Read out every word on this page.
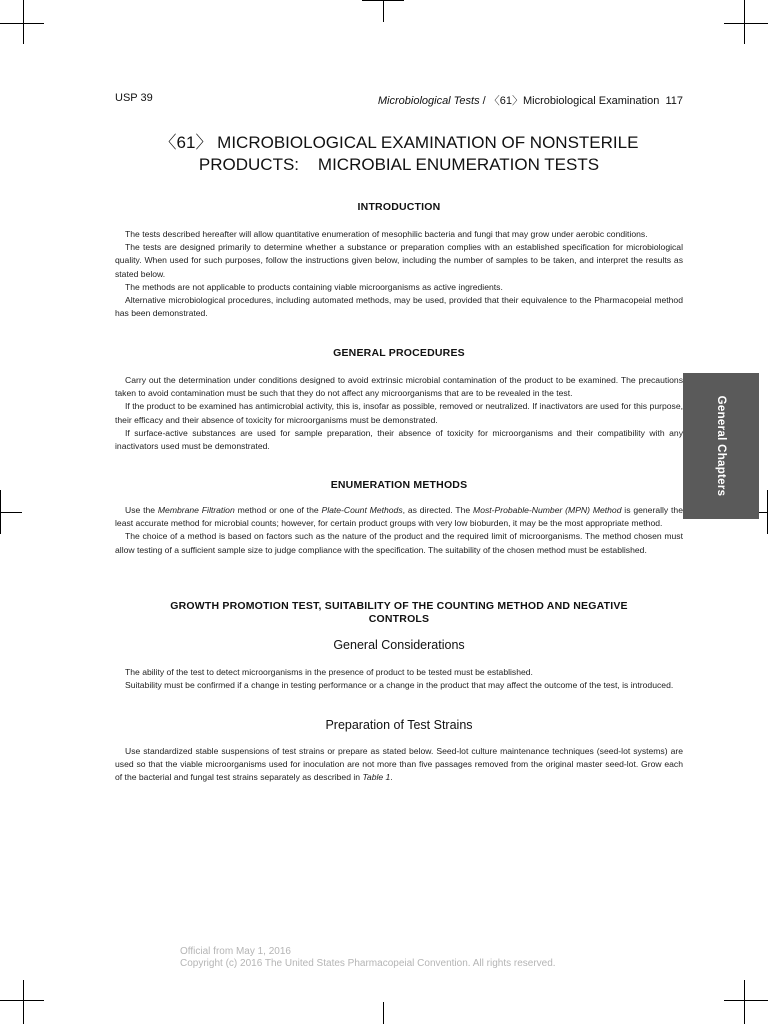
USP 39	Microbiological Tests / 〈61〉Microbiological Examination 117
〈61〉 MICROBIOLOGICAL EXAMINATION OF NONSTERILE
PRODUCTS:    MICROBIAL ENUMERATION TESTS
INTRODUCTION

The tests described hereafter will allow quantitative enumeration of mesophilic bacteria and fungi that may grow under aerobic conditions.

The tests are designed primarily to determine whether a substance or preparation complies with an established specification for microbiological quality. When used for such purposes, follow the instructions given below, including the number of samples to be taken, and interpret the results as stated below.

The methods are not applicable to products containing viable microorganisms as active ingredients.

Alternative microbiological procedures, including automated methods, may be used, provided that their equivalence to the Pharmacopeial method has been demonstrated.

GENERAL PROCEDURES

Carry out the determination under conditions designed to avoid extrinsic microbial contamination of the product to be examined. The precautions taken to avoid contamination must be such that they do not affect any microorganisms that are to be revealed in the test.

If the product to be examined has antimicrobial activity, this is, insofar as possible, removed or neutralized. If inactivators are used for this purpose, their efficacy and their absence of toxicity for microorganisms must be demonstrated.

If surface-active substances are used for sample preparation, their absence of toxicity for microorganisms and their compatibility with any inactivators used must be demonstrated.

ENUMERATION METHODS

Use the Membrane Filtration method or one of the Plate-Count Methods, as directed. The Most-Probable-Number (MPN) Method is generally the least accurate method for microbial counts; however, for certain product groups with very low bioburden, it may be the most appropriate method.

The choice of a method is based on factors such as the nature of the product and the required limit of microorganisms. The method chosen must allow testing of a sufficient sample size to judge compliance with the specification. The suitability of the chosen method must be established.

GROWTH PROMOTION TEST, SUITABILITY OF THE COUNTING METHOD AND NEGATIVE
CONTROLS
General Considerations

The ability of the test to detect microorganisms in the presence of product to be tested must be established.

Suitability must be confirmed if a change in testing performance or a change in the product that may affect the outcome of the test, is introduced.

Preparation of Test Strains

Use standardized stable suspensions of test strains or prepare as stated below. Seed-lot culture maintenance techniques (seed-lot systems) are used so that the viable microorganisms used for inoculation are not more than five passages removed from the original master seed-lot. Grow each of the bacterial and fungal test strains separately as described in Table 1.

General Chapters
Official from May 1, 2016
Copyright (c) 2016 The United States Pharmacopeial Convention. All rights reserved.
